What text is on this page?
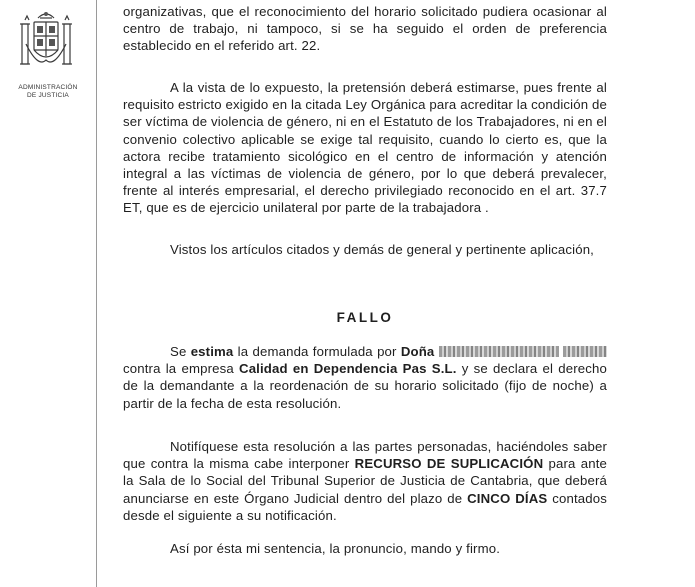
ADMINISTRACIÓN
DE JUSTICIA
organizativas, que el reconocimiento del horario solicitado pudiera ocasionar al centro de trabajo, ni tampoco, si se ha seguido el orden de preferencia establecido en el referido art. 22.
A la vista de lo expuesto, la pretensión deberá estimarse, pues frente al requisito estricto exigido en la citada Ley Orgánica para acreditar la condición de ser víctima de violencia de género, ni en el Estatuto de los Trabajadores, ni en el convenio colectivo aplicable se exige tal requisito, cuando lo cierto es, que la actora recibe tratamiento sicológico en el centro de información y atención integral a las víctimas de violencia de género, por lo que deberá prevalecer, frente al interés empresarial, el derecho privilegiado reconocido en el art. 37.7 ET, que es de ejercicio unilateral por parte de la trabajadora .
Vistos los artículos citados y demás de general y pertinente aplicación,
FALLO
Se estima la demanda formulada por Doña   contra la empresa Calidad en Dependencia Pas S.L. y se declara el derecho de la demandante a la reordenación de su horario solicitado (fijo de noche) a partir de la fecha de esta resolución.
Notifíquese esta resolución a las partes personadas, haciéndoles saber que contra la misma cabe interponer RECURSO DE SUPLICACIÓN para ante la Sala de lo Social del Tribunal Superior de Justicia de Cantabria, que deberá anunciarse en este Órgano Judicial dentro del plazo de CINCO DÍAS contados desde el siguiente a su notificación.
Así por ésta mi sentencia, la pronuncio, mando y firmo.
